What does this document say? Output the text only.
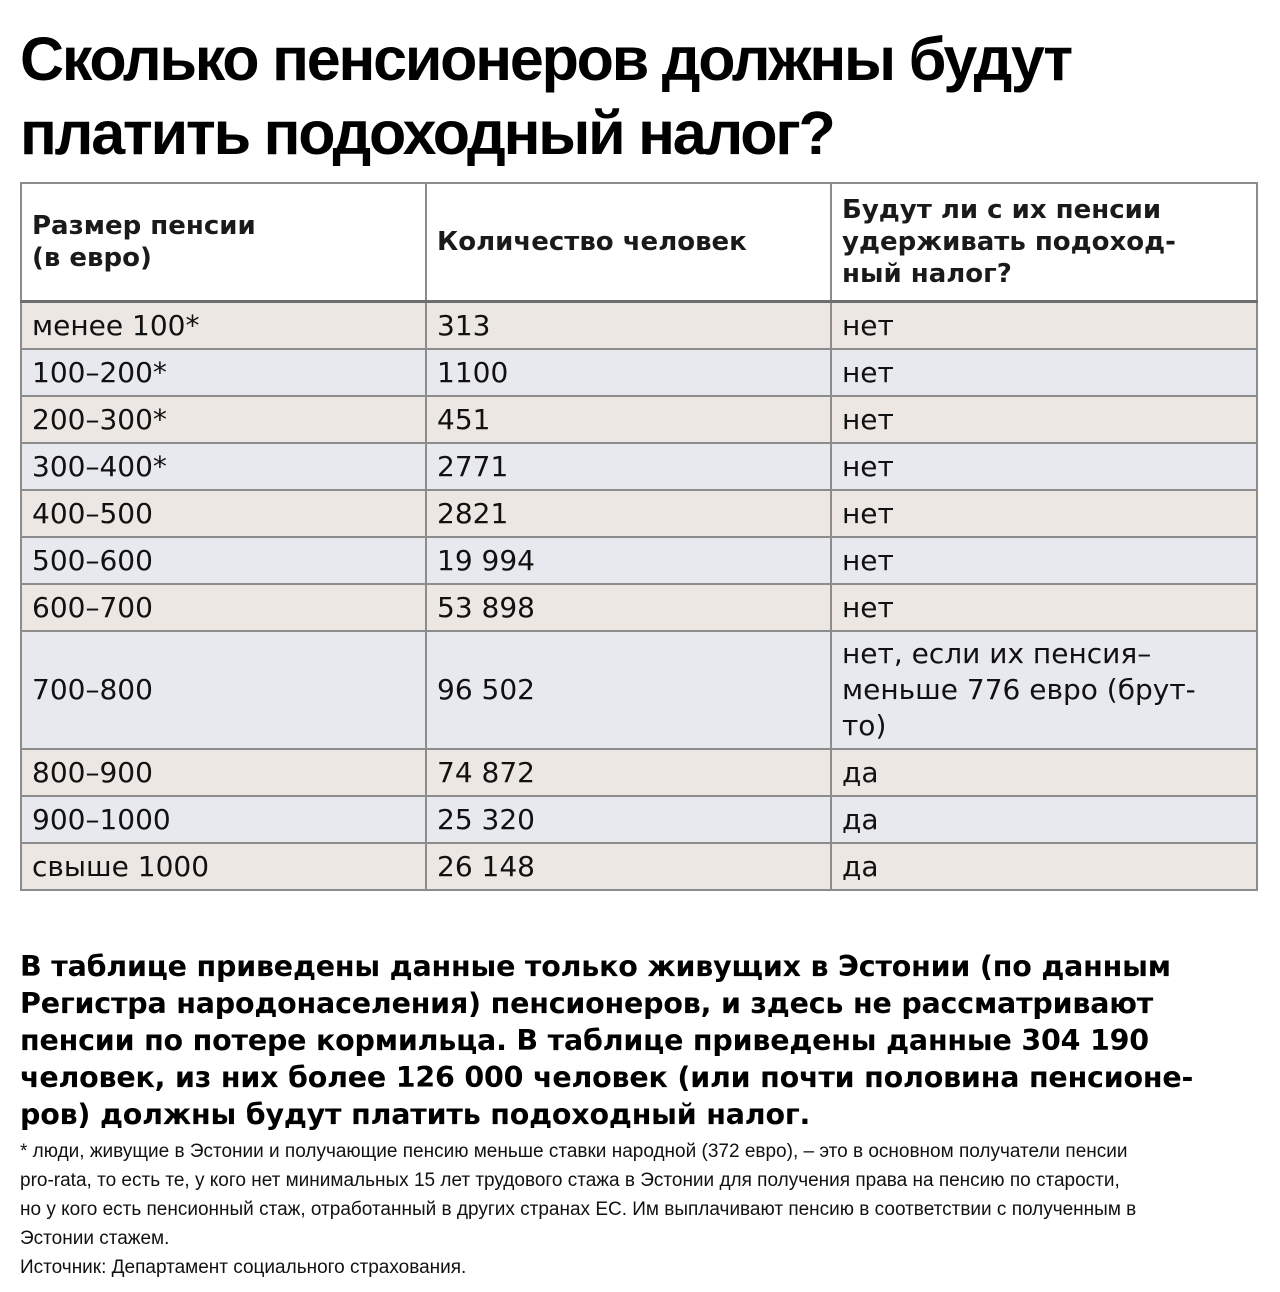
Сколько пенсионеров должны будут
платить подоходный налог?
Размер пенсии
(в евро)	Количество человек	Будут ли с их пенсии
удерживать подоход-
ный налог?
менее 100*	313	нет
100–200*	1100	нет
200–300*	451	нет
300–400*	2771	нет
400–500	2821	нет
500–600	19 994	нет
600–700	53 898	нет
700–800	96 502	нет, если их пенсия–
меньше 776 евро (брут-
то)
800–900	74 872	да
900–1000	25 320	да
свыше 1000	26 148	да

В таблице приведены данные только живущих в Эстонии (по данным
Регистра народонаселения) пенсионеров, и здесь не рассматривают
пенсии по потере кормильца. В таблице приведены данные 304 190
человек, из них более 126 000 человек (или почти половина пенсионе-
ров) должны будут платить подоходный налог.

* люди, живущие в Эстонии и получающие пенсию меньше ставки народной (372 евро), – это в основном получатели пенсии
pro-rata, то есть те, у кого нет минимальных 15 лет трудового стажа в Эстонии для получения права на пенсию по старости,
но у кого есть пенсионный стаж, отработанный в других странах ЕС. Им выплачивают пенсию в соответствии с полученным в
Эстонии стажем.

Источник: Департамент социального страхования.
